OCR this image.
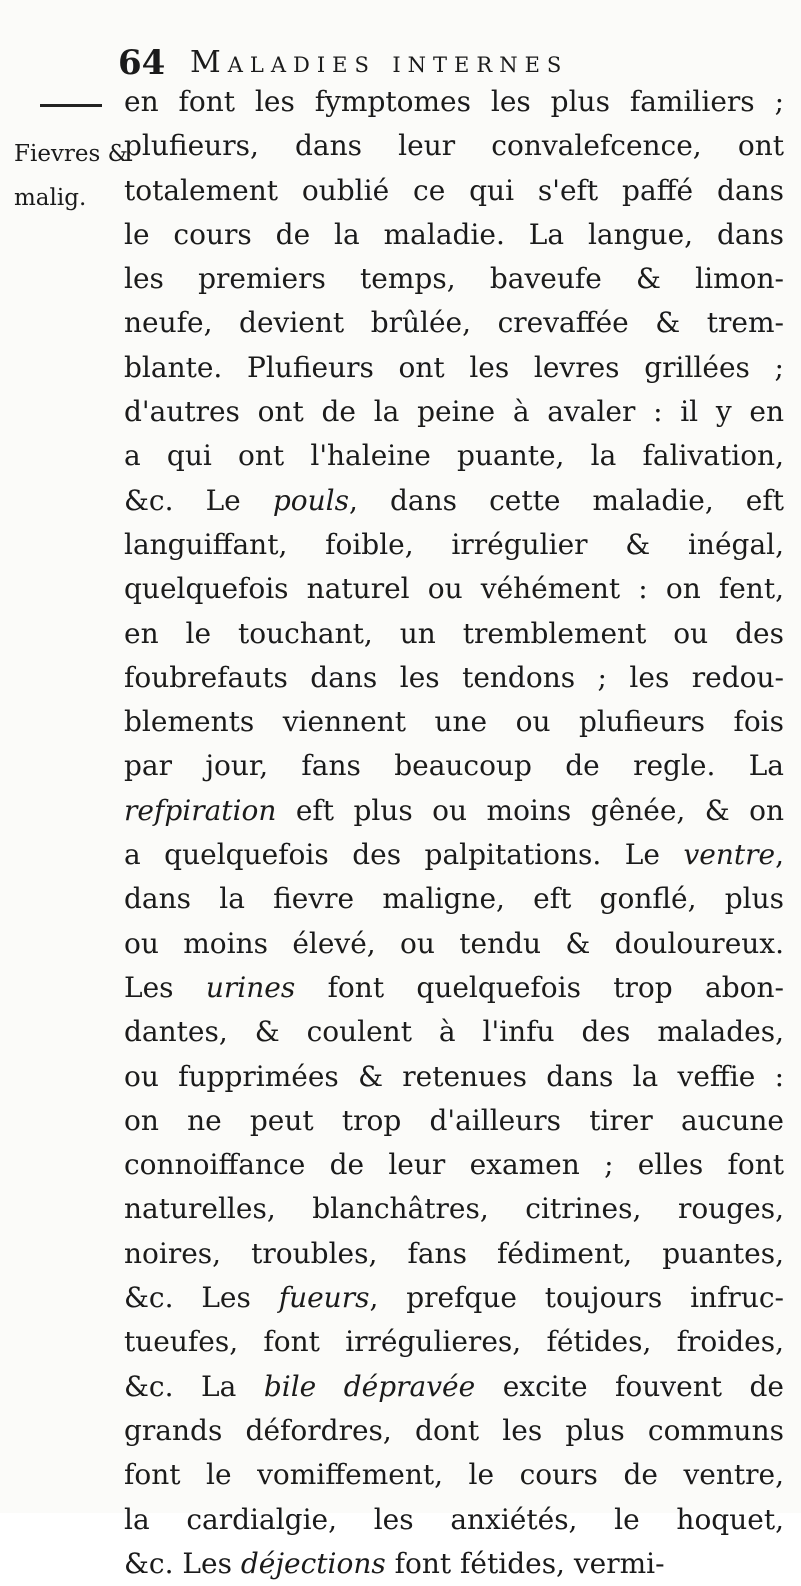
64 Maladies internes
Fievres &
malig.
en font les fymptomes les plus familiers ;
plufieurs, dans leur convalefcence, ont
totalement oublié ce qui s'eft paffé dans
le cours de la maladie. La langue, dans
les premiers temps, baveufe & limon-
neufe, devient brûlée, crevaffée & trem-
blante. Plufieurs ont les levres grillées ;
d'autres ont de la peine à avaler : il y en
a qui ont l'haleine puante, la falivation,
&c. Le pouls, dans cette maladie, eft
languiffant, foible, irrégulier & inégal,
quelquefois naturel ou véhément : on fent,
en le touchant, un tremblement ou des
foubrefauts dans les tendons ; les redou-
blements viennent une ou plufieurs fois
par jour, fans beaucoup de regle. La
refpiration eft plus ou moins gênée, & on
a quelquefois des palpitations. Le ventre,
dans la fievre maligne, eft gonflé, plus
ou moins élevé, ou tendu & douloureux.
Les urines font quelquefois trop abon-
dantes, & coulent à l'infu des malades,
ou fupprimées & retenues dans la veffie :
on ne peut trop d'ailleurs tirer aucune
connoiffance de leur examen ; elles font
naturelles, blanchâtres, citrines, rouges,
noires, troubles, fans fédiment, puantes,
&c. Les fueurs, prefque toujours infruc-
tueufes, font irrégulieres, fétides, froides,
&c. La bile dépravée excite fouvent de
grands défordres, dont les plus communs
font le vomiffement, le cours de ventre,
la cardialgie, les anxiétés, le hoquet,
&c. Les déjections font fétides, vermi-
